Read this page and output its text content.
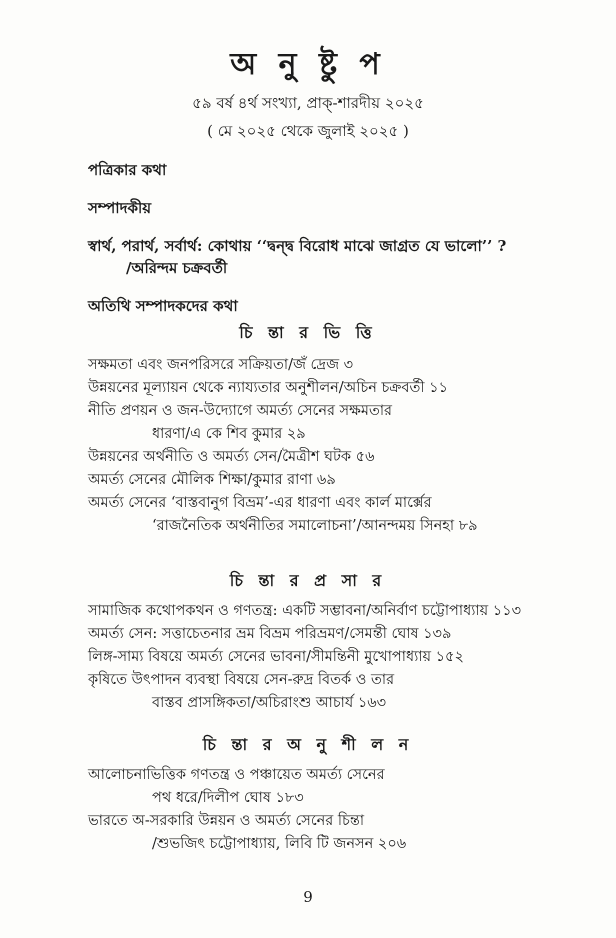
অ নু ষ্টু প
৫৯ বর্ষ ৪র্থ সংখ্যা, প্রাক্-শারদীয় ২০২৫
( মে ২০২৫ থেকে জুলাই ২০২৫ )
পত্রিকার কথা
সম্পাদকীয়
স্বার্থ, পরার্থ, সর্বার্থ: কোথায় ‘‘দ্বন্দ্ব বিরোধ মাঝে জাগ্রত যে ভালো’’ ?
/অরিন্দম চক্রবর্তী
অতিথি সম্পাদকদের কথা
চি ন্তা র ভি ত্তি
সক্ষমতা এবং জনপরিসরে সক্রিয়তা/জঁ দ্রেজ ৩
উন্নয়নের মূল্যায়ন থেকে ন্যায্যতার অনুশীলন/অচিন চক্রবর্তী ১১
নীতি প্রণয়ন ও জন-উদ্যোগে অমর্ত্য সেনের সক্ষমতার
ধারণা/এ কে শিব কুমার ২৯
উন্নয়নের অর্থনীতি ও অমর্ত্য সেন/মৈত্রীশ ঘটক ৫৬
অমর্ত্য সেনের মৌলিক শিক্ষা/কুমার রাণা ৬৯
অমর্ত্য সেনের ‘বাস্তবানুগ বিভ্রম’-এর ধারণা এবং কার্ল মার্ক্সের
‘রাজনৈতিক অর্থনীতির সমালোচনা’/আনন্দময় সিনহা ৮৯
চি ন্তা র প্র সা র
সামাজিক কথোপকথন ও গণতন্ত্র: একটি সম্ভাবনা/অনির্বাণ চট্টোপাধ্যায় ১১৩
অমর্ত্য সেন: সত্তাচেতনার ভ্রম বিভ্রম পরিভ্রমণ/সেমন্তী ঘোষ ১৩৯
লিঙ্গ-সাম্য বিষয়ে অমর্ত্য সেনের ভাবনা/সীমন্তিনী মুখোপাধ্যায় ১৫২
কৃষিতে উৎপাদন ব্যবস্থা বিষয়ে সেন-রুদ্র বিতর্ক ও তার
বাস্তব প্রাসঙ্গিকতা/অচিরাংশু আচার্য ১৬৩
চি ন্তা র অ নু শী ল ন
আলোচনাভিত্তিক গণতন্ত্র ও পঞ্চায়েত অমর্ত্য সেনের
পথ ধরে/দিলীপ ঘোষ ১৮৩
ভারতে অ-সরকারি উন্নয়ন ও অমর্ত্য সেনের চিন্তা
/শুভজিৎ চট্টোপাধ্যায়, লিবি টি জনসন ২০৬
9
